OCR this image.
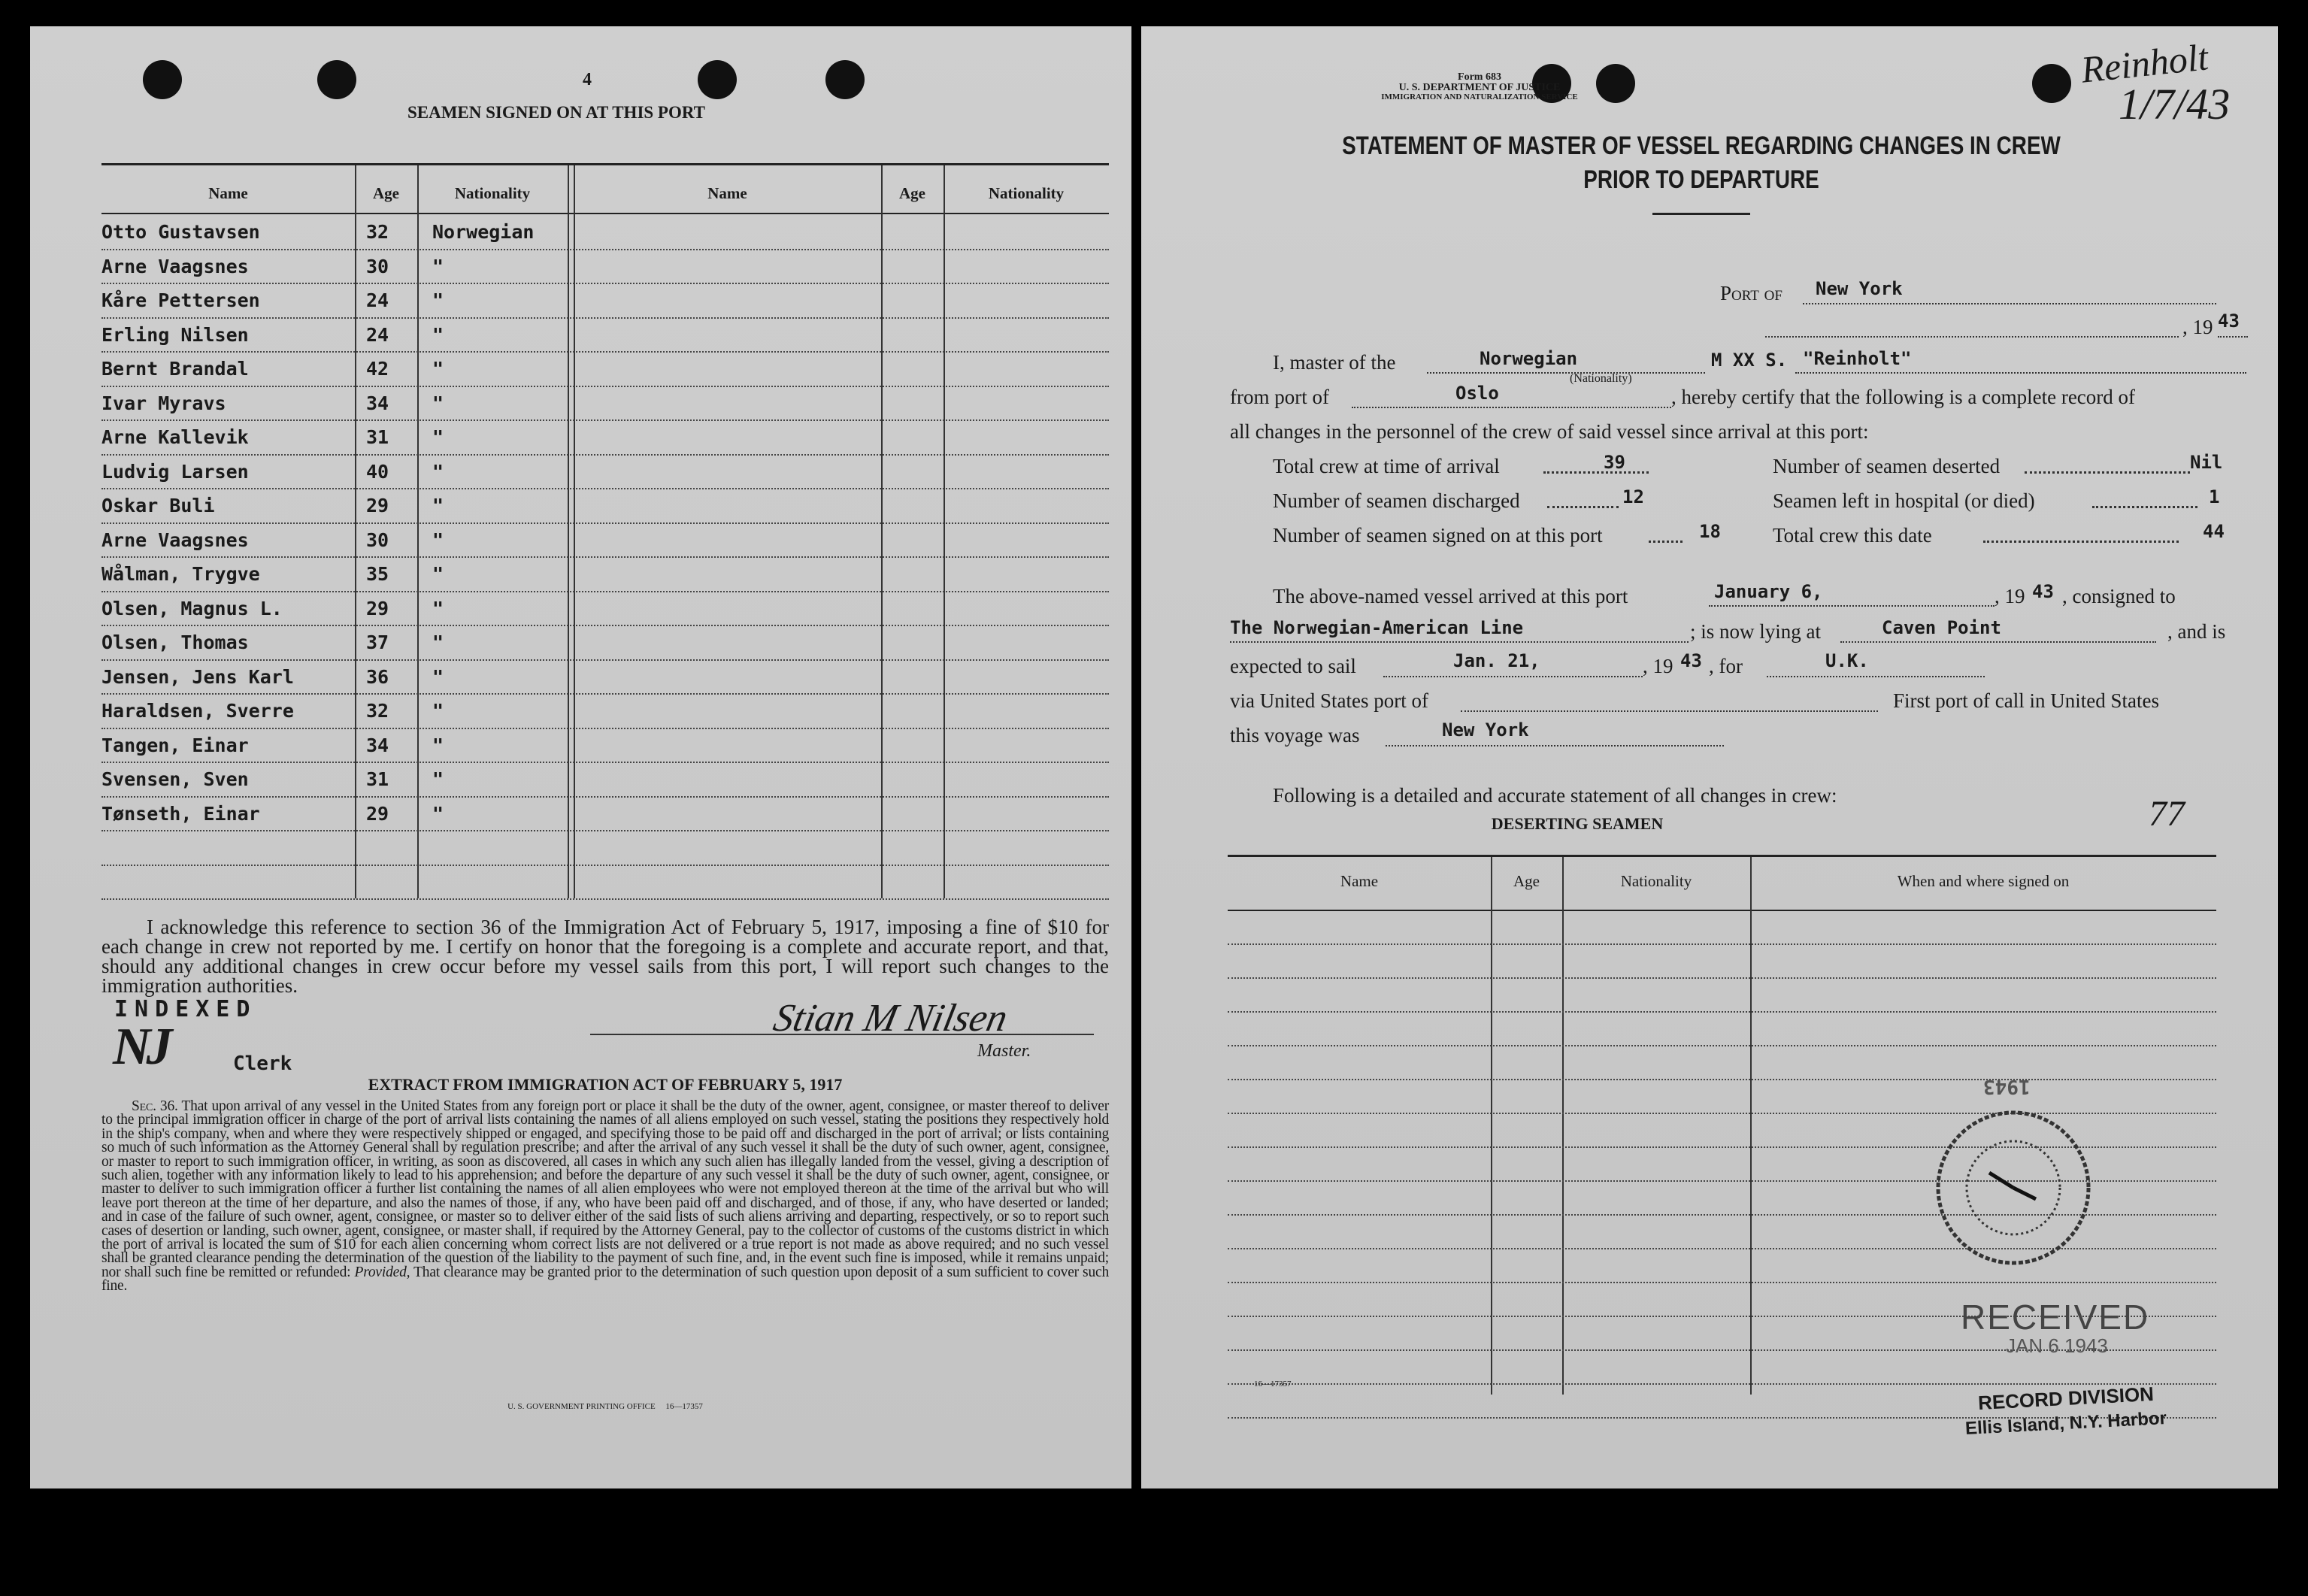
4
SEAMEN SIGNED ON AT THIS PORT
Name	Age	Nationality	Name	Age	Nationality
Otto Gustavsen	32 Norwegian
Arne Vaagsnes	30 "
Kåre Pettersen	24 "
Erling Nilsen	24 "
Bernt Brandal	42 "
Ivar Myravs	34 "
Arne Kallevik	31 "
Ludvig Larsen	40 "
Oskar Buli	29 "
Arne Vaagsnes	30 "
Wålman, Trygve	35 "
Olsen, Magnus L.	29 "
Olsen, Thomas	37 "
Jensen, Jens Karl	36 "
Haraldsen, Sverre	32 "
Tangen, Einar	34 "
Svensen, Sven	31 "
Tønseth, Einar	29 "
I acknowledge this reference to section 36 of the Immigration Act of February 5, 1917, imposing a fine of $10 for each change in crew not reported by me. I certify on honor that the foregoing is a complete and accurate report, and that, should any additional changes in crew occur before my vessel sails from this port, I will report such changes to the immigration authorities.
INDEXED
NJ	Clerk
Stian M Nilsen
Master.
EXTRACT FROM IMMIGRATION ACT OF FEBRUARY 5, 1917
Sec. 36. That upon arrival of any vessel in the United States from any foreign port or place it shall be the duty of the owner, agent, consignee, or master thereof to deliver to the principal immigration officer in charge of the port of arrival lists containing the names of all aliens employed on such vessel, stating the positions they respectively hold in the ship's company, when and where they were respectively shipped or engaged, and specifying those to be paid off and discharged in the port of arrival; or lists containing so much of such information as the Attorney General shall by regulation prescribe; and after the arrival of any such vessel it shall be the duty of such owner, agent, consignee, or master to report to such immigration officer, in writing, as soon as discovered, all cases in which any such alien has illegally landed from the vessel, giving a description of such alien, together with any information likely to lead to his apprehension; and before the departure of any such vessel it shall be the duty of such owner, agent, consignee, or master to deliver to such immigration officer a further list containing the names of all alien employees who were not employed thereon at the time of the arrival but who will leave port thereon at the time of her departure, and also the names of those, if any, who have been paid off and discharged, and of those, if any, who have deserted or landed; and in case of the failure of such owner, agent, consignee, or master so to deliver either of the said lists of such aliens arriving and departing, respectively, or so to report such cases of desertion or landing, such owner, agent, consignee, or master shall, if required by the Attorney General, pay to the collector of customs of the customs district in which the port of arrival is located the sum of $10 for each alien concerning whom correct lists are not delivered or a true report is not made as above required; and no such vessel shall be granted clearance pending the determination of the question of the liability to the payment of such fine, and, in the event such fine is imposed, while it remains unpaid; nor shall such fine be remitted or refunded: Provided, That clearance may be granted prior to the determination of such question upon deposit of a sum sufficient to cover such fine.
U. S. GOVERNMENT PRINTING OFFICE     16—17357
Form 683
U. S. DEPARTMENT OF JUSTICE
IMMIGRATION AND NATURALIZATION SERVICE
Reinholt
1/7/43
STATEMENT OF MASTER OF VESSEL REGARDING CHANGES IN CREW
PRIOR TO DEPARTURE
Port of New York
, 19 43
I, master of the	Norwegian
(Nationality)
M XX S. "Reinholt"
from port of	Oslo	, hereby certify that the following is a complete record of
all changes in the personnel of the crew of said vessel since arrival at this port:
Total crew at time of arrival	39	Number of seamen deserted	Nil
Number of seamen discharged	12	Seamen left in hospital (or died)	1
Number of seamen signed on at this port	18	Total crew this date	44
The above-named vessel arrived at this port	January 6,	, 19 43 , consigned to
The Norwegian-American Line	; is now lying at	Caven Point	, and is
expected to sail	Jan. 21,	, 19 43 , for	U.K.
via United States port of	First port of call in United States
this voyage was	New York
Following is a detailed and accurate statement of all changes in crew:	77
DESERTING SEAMEN
Name	Age	Nationality	When and where signed on
16—17357
1943
RECEIVED
JAN 6 1943
RECORD DIVISION
Ellis Island, N.Y. Harbor
